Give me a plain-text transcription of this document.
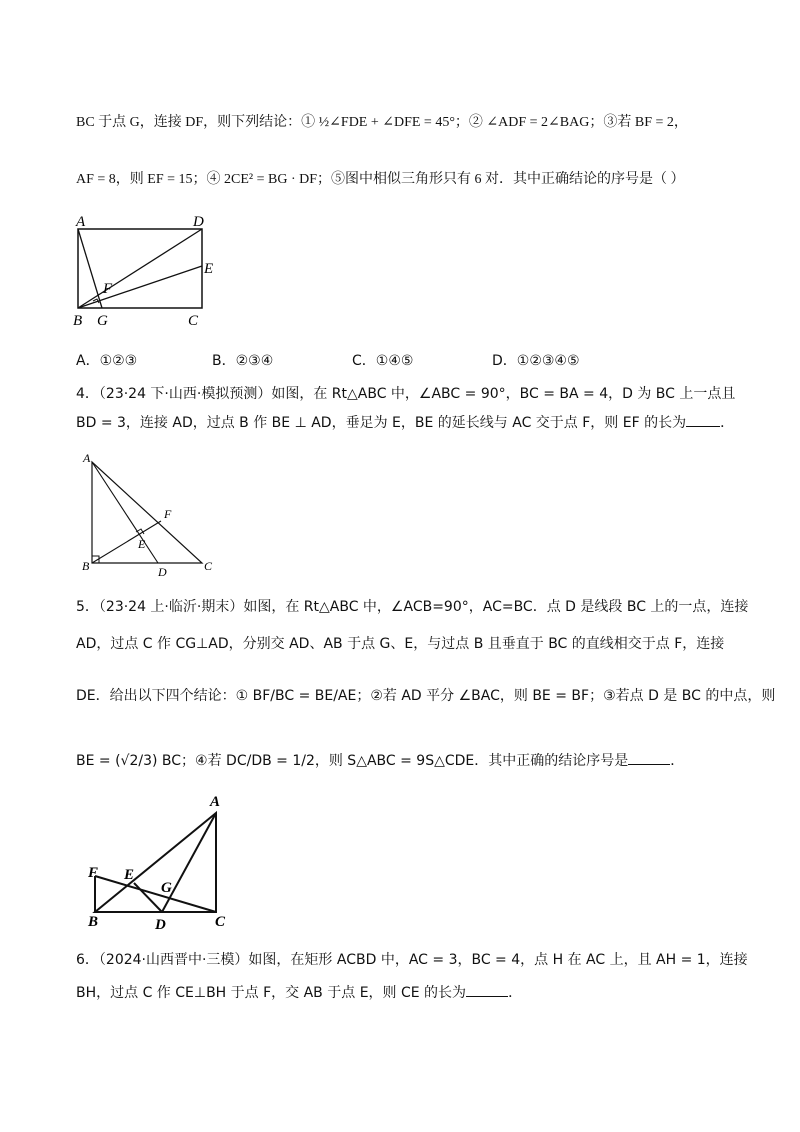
BC 于点 G，连接 DF，则下列结论：① ½∠FDE + ∠DFE = 45°；② ∠ADF = 2∠BAG；③若 BF = 2，
AF = 8，则 EF = 15；④ 2CE² = BG · DF；⑤图中相似三角形只有 6 对．其中正确结论的序号是（ ）
A	D
E
F
B G	C
A．①②③	B．②③④	C．①④⑤	D．①②③④⑤
4．（23·24 下·山西·模拟预测）如图，在 Rt△ABC 中，∠ABC = 90°，BC = BA = 4，D 为 BC 上一点且
BD = 3，连接 AD，过点 B 作 BE ⊥ AD，垂足为 E，BE 的延长线与 AC 交于点 F，则 EF 的长为 ．
A
F
E
B	D	C
5．（23·24 上·临沂·期末）如图，在 Rt△ABC 中，∠ACB=90°，AC=BC．点 D 是线段 BC 上的一点，连接
AD，过点 C 作 CG⊥AD，分别交 AD、AB 于点 G、E，与过点 B 且垂直于 BC 的直线相交于点 F，连接
DE．给出以下四个结论：① BF/BC = BE/AE；②若 AD 平分 ∠BAC，则 BE = BF；③若点 D 是 BC 的中点，则
BE = (√2/3) BC；④若 DC/DB = 1/2，则 S△ABC = 9S△CDE．其中正确的结论序号是	．
A
F E
G
B	D	C
6．（2024·山西晋中·三模）如图，在矩形 ACBD 中，AC = 3，BC = 4，点 H 在 AC 上，且 AH = 1，连接
BH，过点 C 作 CE⊥BH 于点 F，交 AB 于点 E，则 CE 的长为	．
